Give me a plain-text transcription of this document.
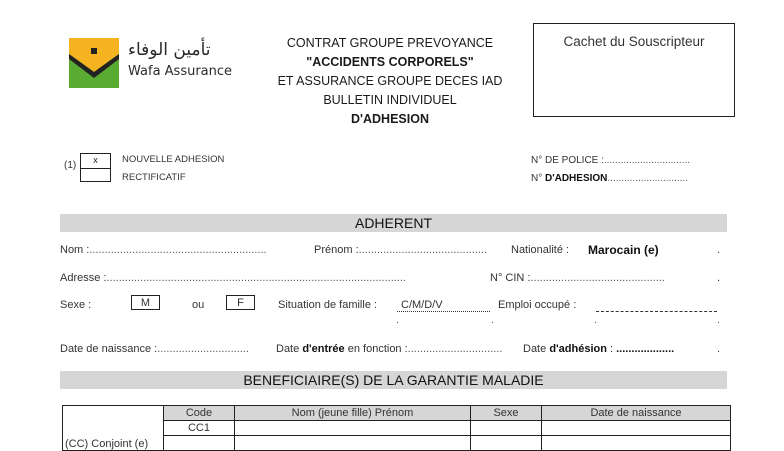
تأمين الوفاء
Wafa Assurance
CONTRAT GROUPE PREVOYANCE
"ACCIDENTS CORPORELS"
ET ASSURANCE GROUPE DECES IAD
BULLETIN INDIVIDUEL
D'ADHESION
Cachet du Souscripteur
(1)	x	NOUVELLE ADHESION
RECTIFICATIF
N° DE POLICE :...............................
N° D'ADHESION.............................
ADHERENT
Nom :..........................................................	Prénom :.......................................... Nationalité : Marocain (e)	.
Adresse :..................................................................................................	N° CIN :............................................	.
Sexe :	M	ou	F	Situation de famille :	C/M/D/V	Emploi occupé :
.	.	.	.
Date de naissance :.............................. Date d'entrée en fonction :............................... Date d'adhésion : ...................	.
BENEFICIAIRE(S) DE LA GARANTIE MALADIE
(CC) Conjoint (e)	Code	Nom (jeune fille) Prénom	Sexe	Date de naissance
	CC1			
